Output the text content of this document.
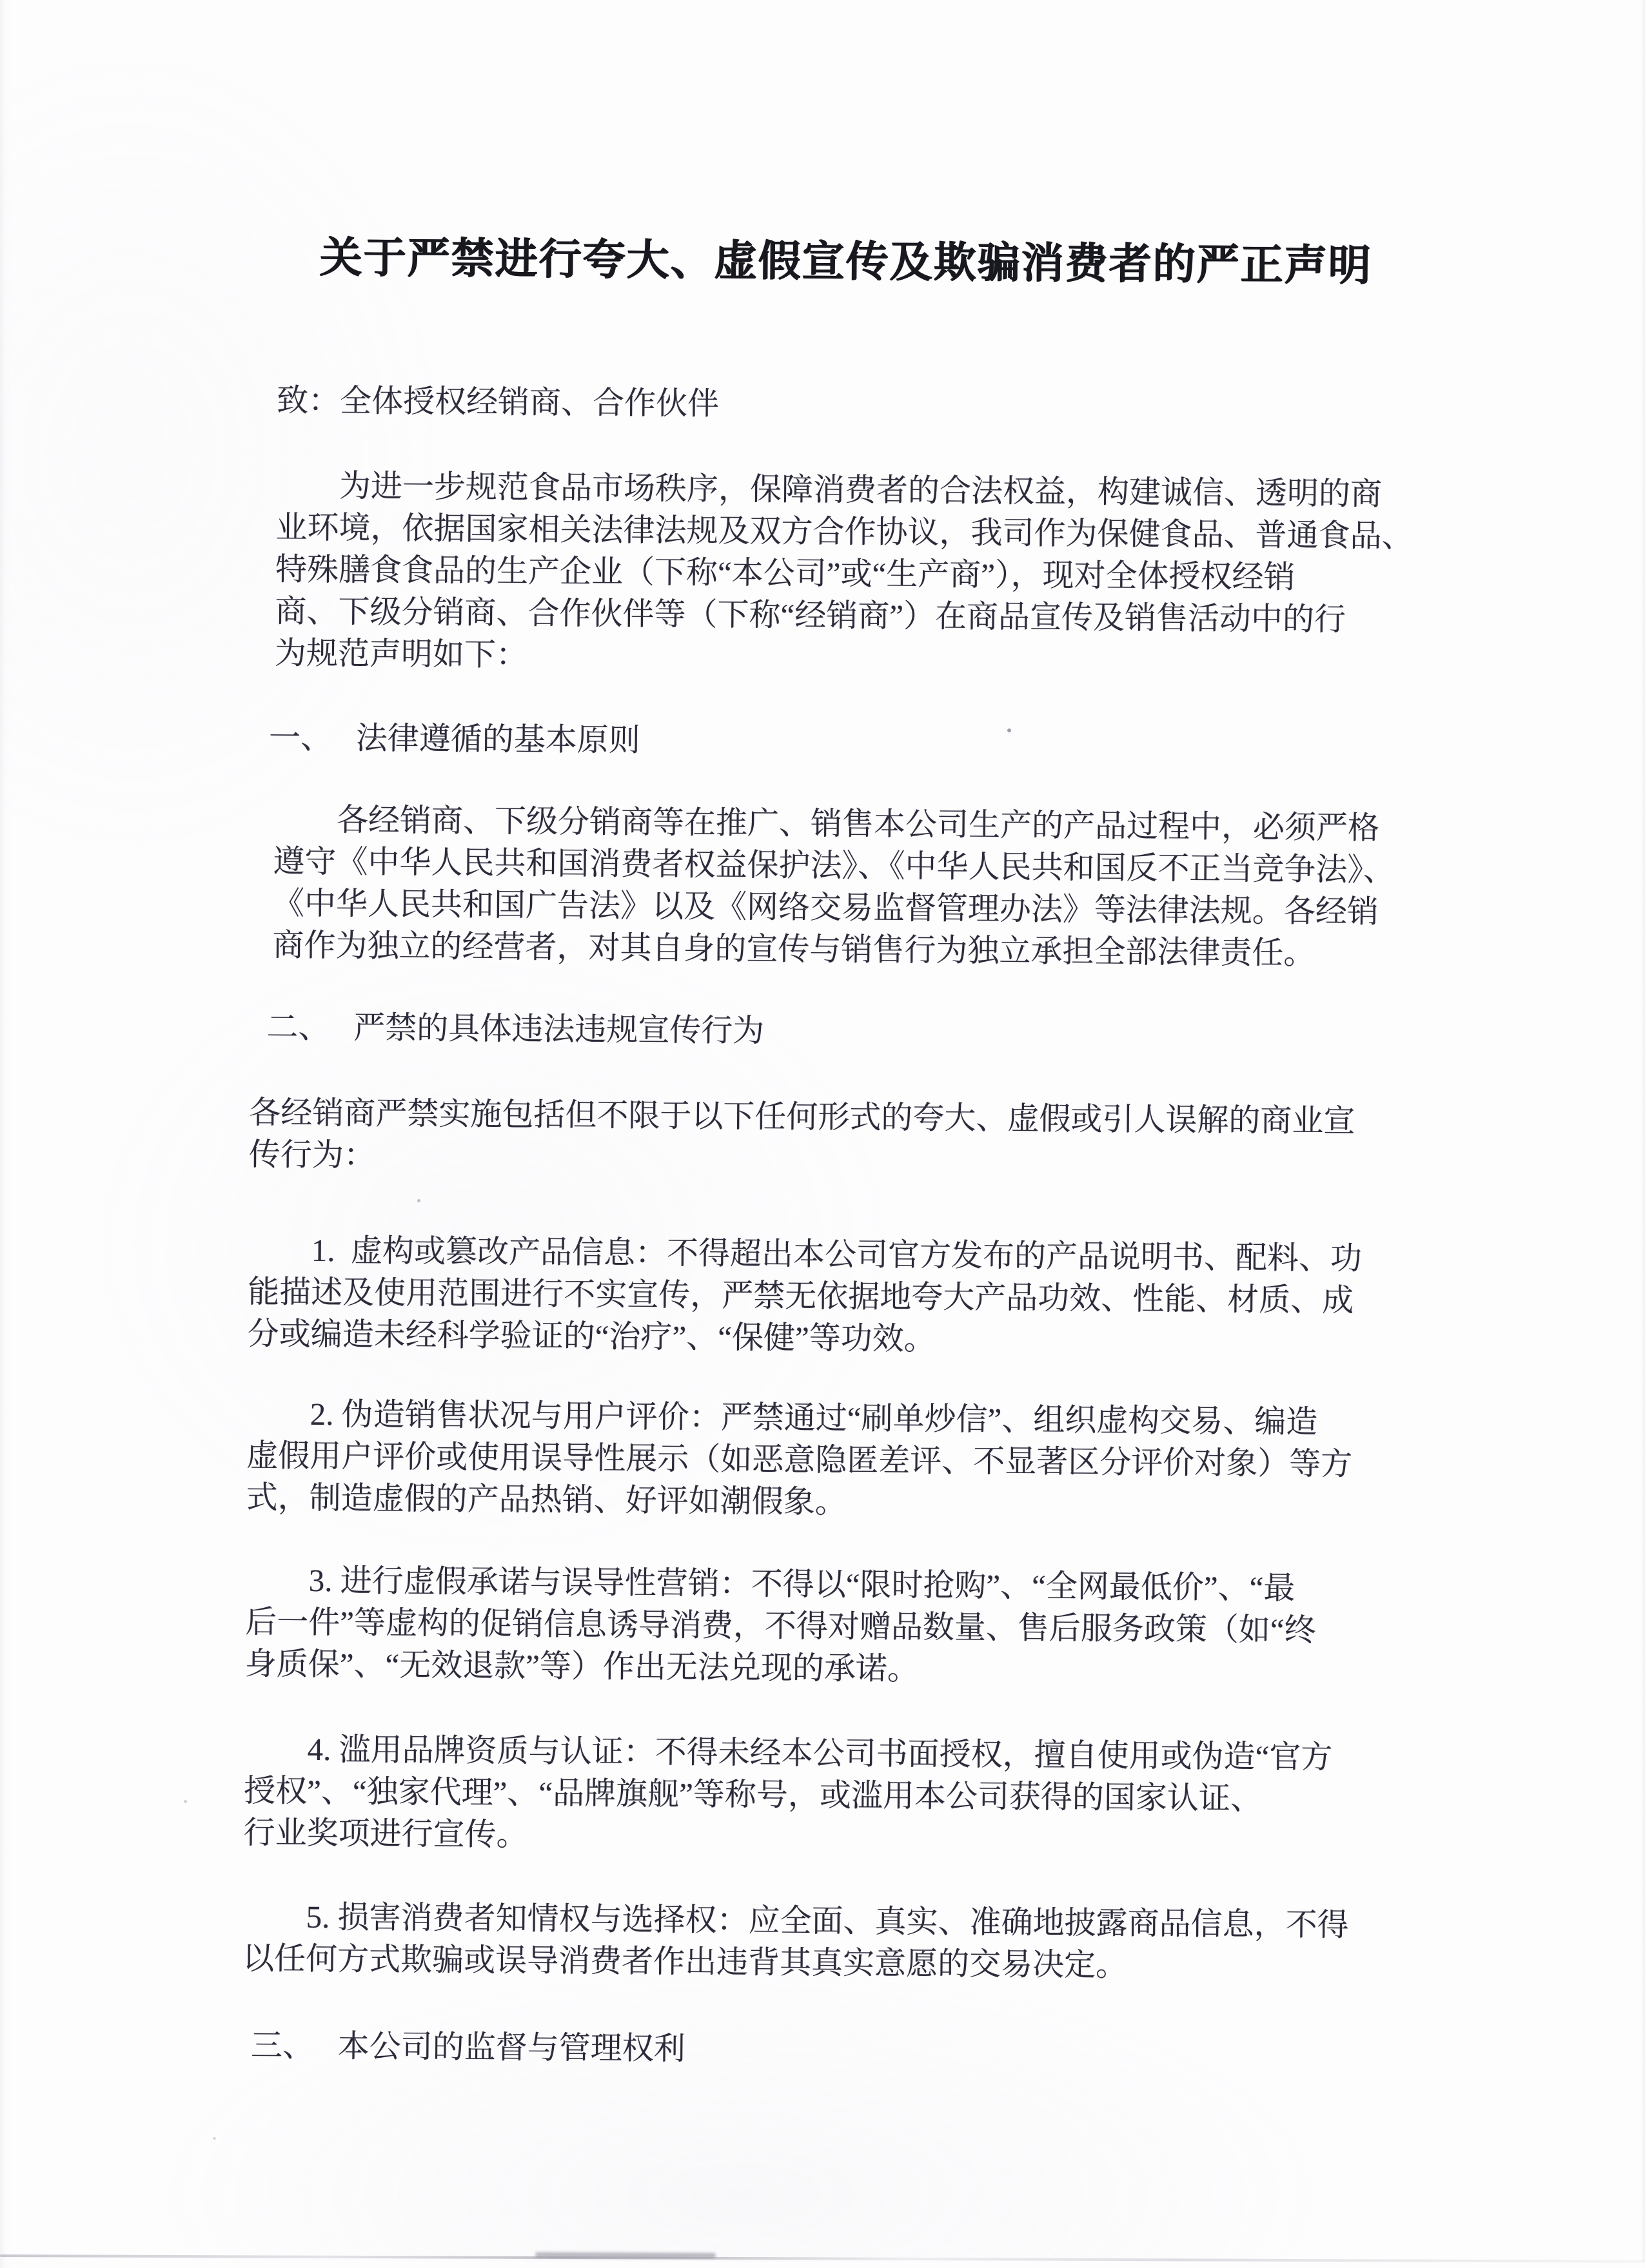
关于严禁进行夸大、虚假宣传及欺骗消费者的严正声明
致：全体授权经销商、合作伙伴
　　为进一步规范食品市场秩序，保障消费者的合法权益，构建诚信、透明的商
业环境，依据国家相关法律法规及双方合作协议，我司作为保健食品、普通食品、
特殊膳食食品的生产企业（下称“本公司”或“生产商”），现对全体授权经销
商、下级分销商、合作伙伴等（下称“经销商”）在商品宣传及销售活动中的行
为规范声明如下：
一、   法律遵循的基本原则
　　各经销商、下级分销商等在推广、销售本公司生产的产品过程中，必须严格
遵守《中华人民共和国消费者权益保护法》、《中华人民共和国反不正当竞争法》、
《中华人民共和国广告法》以及《网络交易监督管理办法》等法律法规。各经销
商作为独立的经营者，对其自身的宣传与销售行为独立承担全部法律责任。
二、   严禁的具体违法违规宣传行为
各经销商严禁实施包括但不限于以下任何形式的夸大、虚假或引人误解的商业宣
传行为：
　　1.  虚构或篡改产品信息：不得超出本公司官方发布的产品说明书、配料、功
能描述及使用范围进行不实宣传，严禁无依据地夸大产品功效、性能、材质、成
分或编造未经科学验证的“治疗”、“保健”等功效。
　　2. 伪造销售状况与用户评价：严禁通过“刷单炒信”、组织虚构交易、编造
虚假用户评价或使用误导性展示（如恶意隐匿差评、不显著区分评价对象）等方
式，制造虚假的产品热销、好评如潮假象。
　　3. 进行虚假承诺与误导性营销：不得以“限时抢购”、“全网最低价”、“最
后一件”等虚构的促销信息诱导消费，不得对赠品数量、售后服务政策（如“终
身质保”、“无效退款”等）作出无法兑现的承诺。
　　4. 滥用品牌资质与认证：不得未经本公司书面授权，擅自使用或伪造“官方
授权”、“独家代理”、“品牌旗舰”等称号，或滥用本公司获得的国家认证、
行业奖项进行宣传。
　　5. 损害消费者知情权与选择权：应全面、真实、准确地披露商品信息，不得
以任何方式欺骗或误导消费者作出违背其真实意愿的交易决定。
三、   本公司的监督与管理权利
